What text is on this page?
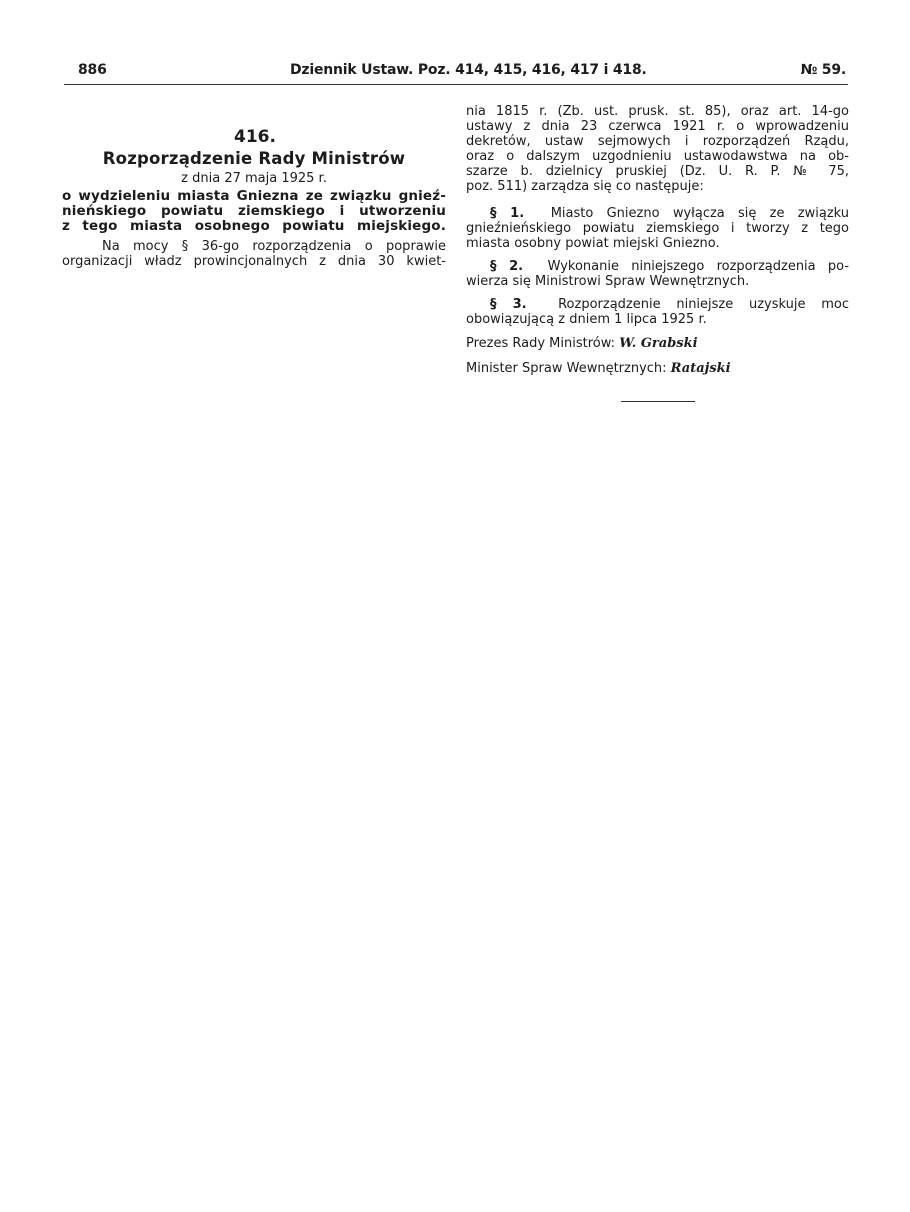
886	Dziennik Ustaw. Poz. 414, 415, 416, 417 i 418.	№ 59.
416.
Rozporządzenie Rady Ministrów
z dnia 27 maja 1925 r.
o wydzieleniu miasta Gniezna ze związku gnieź-
nieńskiego powiatu ziemskiego i utworzeniu
z tego miasta osobnego powiatu miejskiego.
Na mocy § 36-go rozporządzenia o poprawie
organizacji władz prowincjonalnych z dnia 30 kwiet-
nia 1815 r. (Zb. ust. prusk. st. 85), oraz art. 14-go
ustawy z dnia 23 czerwca 1921 r. o wprowadzeniu
dekretów, ustaw sejmowych i rozporządzeń Rządu,
oraz o dalszym uzgodnieniu ustawodawstwa na ob-
szarze b. dzielnicy pruskiej (Dz. U. R. P. № 75,
poz. 511) zarządza się co następuje:
§ 1. Miasto Gniezno wyłącza się ze związku
gnieźnieńskiego powiatu ziemskiego i tworzy z tego
miasta osobny powiat miejski Gniezno.
§ 2. Wykonanie niniejszego rozporządzenia po-
wierza się Ministrowi Spraw Wewnętrznych.
§ 3. Rozporządzenie niniejsze uzyskuje moc
obowiązującą z dniem 1 lipca 1925 r.
Prezes Rady Ministrów: W. Grabski
Minister Spraw Wewnętrznych: Ratajski
